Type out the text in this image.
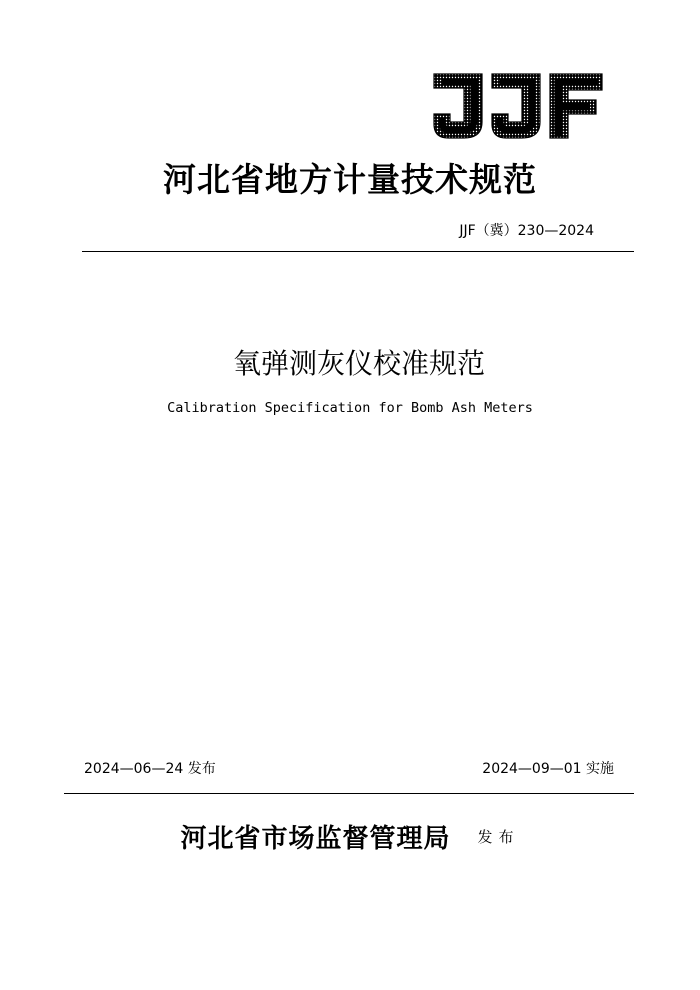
河北省地方计量技术规范
JJF（冀）230—2024
氧弹测灰仪校准规范
Calibration Specification for Bomb Ash Meters
2024—06—24 发布	2024—09—01 实施
河北省市场监督管理局 发布
